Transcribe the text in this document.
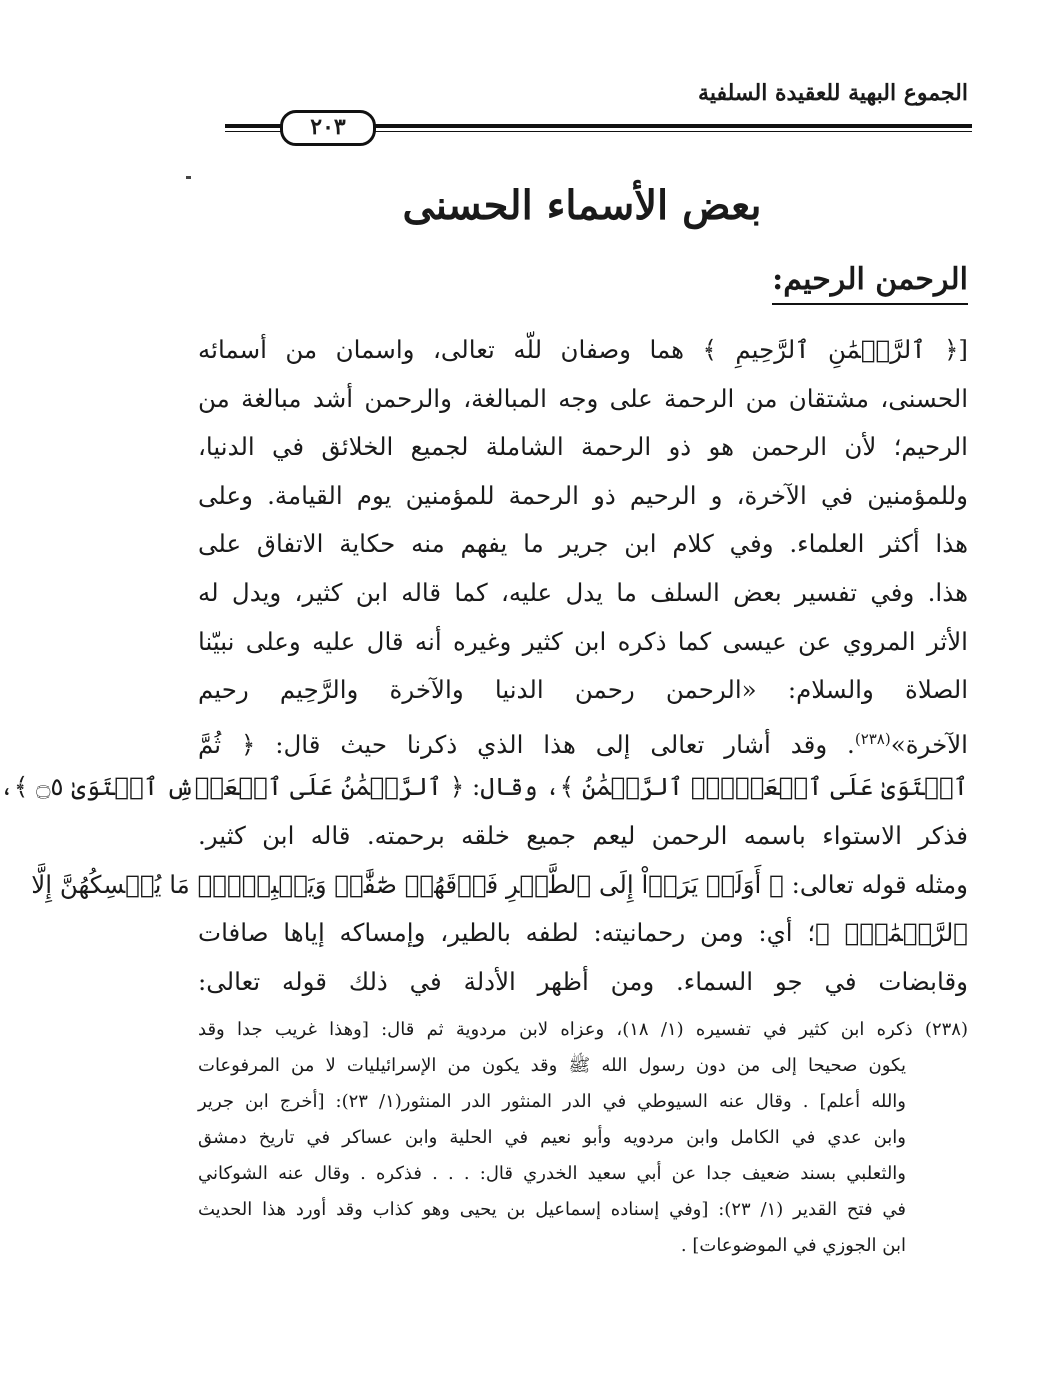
الجموع البهية للعقيدة السلفية
٢٠٣
بعض الأسماء الحسنى
الرحمن الرحيم:
[﴿ ٱلرَّحۡمَٰنِ ٱلرَّحِيمِ ﴾ هما وصفان للّه تعالى، واسمان من أسمائه
الحسنى، مشتقان من الرحمة على وجه المبالغة، والرحمن أشد مبالغة من
الرحيم؛ لأن الرحمن هو ذو الرحمة الشاملة لجميع الخلائق في الدنيا،
وللمؤمنين في الآخرة، و الرحيم ذو الرحمة للمؤمنين يوم القيامة. وعلى
هذا أكثر العلماء. وفي كلام ابن جرير ما يفهم منه حكاية الاتفاق على
هذا. وفي تفسير بعض السلف ما يدل عليه، كما قاله ابن كثير، ويدل له
الأثر المروي عن عيسى كما ذكره ابن كثير وغيره أنه قال عليه وعلى نبيّنا
الصلاة والسلام: «الرحمن رحمن الدنيا والآخرة والرَّحِيم رحيم
الآخرة»$^{(٢٣٨)}$. وقد أشار تعالى إلى هذا الذي ذكرنا حيث قال: ﴿ ثُمَّ
ٱسۡتَوَىٰ عَلَى ٱلۡعَرۡشِۚ ٱلرَّحۡمَٰنُ ﴾، وقال: ﴿ ٱلرَّحۡمَٰنُ عَلَى ٱلۡعَرۡشِ ٱسۡتَوَىٰ ۝٥ ﴾،
فذكر الاستواء باسمه الرحمن ليعم جميع خلقه برحمته. قاله ابن كثير.
ومثله قوله تعالى: ﴿ أَوَلَمۡ يَرَوۡاْ إِلَى ٱلطَّيۡرِ فَوۡقَهُمۡ صَٰٓفَّٰتٖ وَيَقۡبِضۡنَۚ مَا يُمۡسِكُهُنَّ إِلَّا
ٱلرَّحۡمَٰنُۚ ﴾؛ أي: ومن رحمانيته: لطفه بالطير، وإمساكه إياها صافات
وقابضات في جو السماء. ومن أظهر الأدلة في ذلك قوله تعالى:
(٢٣٨) ذكره ابن كثير في تفسيره (١/ ١٨)، وعزاه لابن مردوية ثم قال: [وهذا غريب جدا وقد
يكون صحيحا إلى من دون رسول الله ﷺ وقد يكون من الإسرائيليات لا من المرفوعات
والله أعلم] . وقال عنه السيوطي في الدر المنثور الدر المنثور(١/ ٢٣): [أخرج ابن جرير
وابن عدي في الكامل وابن مردويه وأبو نعيم في الحلية وابن عساكر في تاريخ دمشق
والثعلبي بسند ضعيف جدا عن أبي سعيد الخدري قال: . . . فذكره . وقال عنه الشوكاني
في فتح القدير (١/ ٢٣): [وفي إسناده إسماعيل بن يحيى وهو كذاب وقد أورد هذا الحديث
ابن الجوزي في الموضوعات] .
